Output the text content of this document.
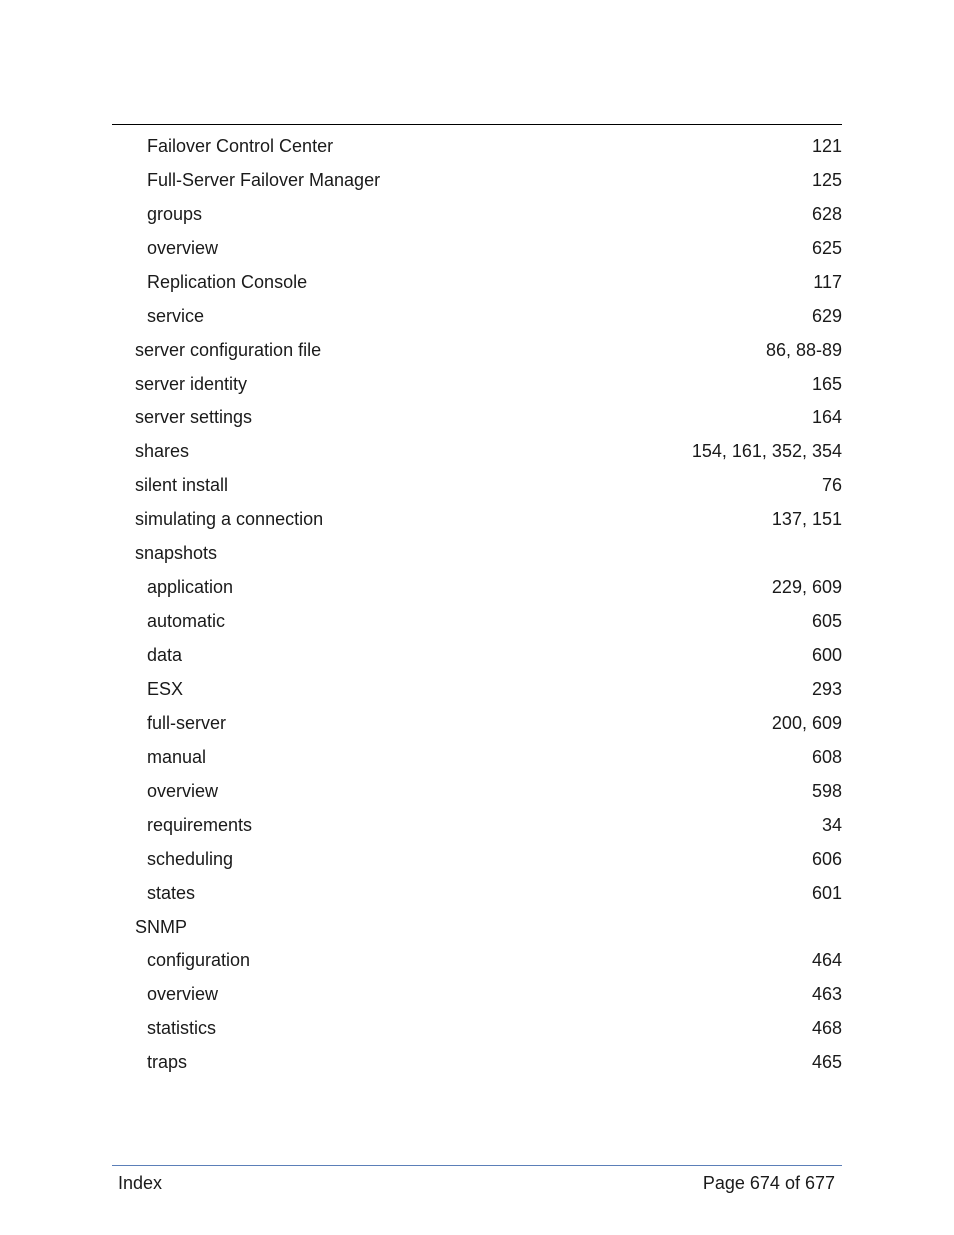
Failover Control Center	121
Full-Server Failover Manager	125
groups	628
overview	625
Replication Console	117
service	629
server configuration file	86, 88-89
server identity	165
server settings	164
shares	154, 161, 352, 354
silent install	76
simulating a connection	137, 151
snapshots
application	229, 609
automatic	605
data	600
ESX	293
full-server	200, 609
manual	608
overview	598
requirements	34
scheduling	606
states	601
SNMP
configuration	464
overview	463
statistics	468
traps	465
Index	Page 674 of 677
